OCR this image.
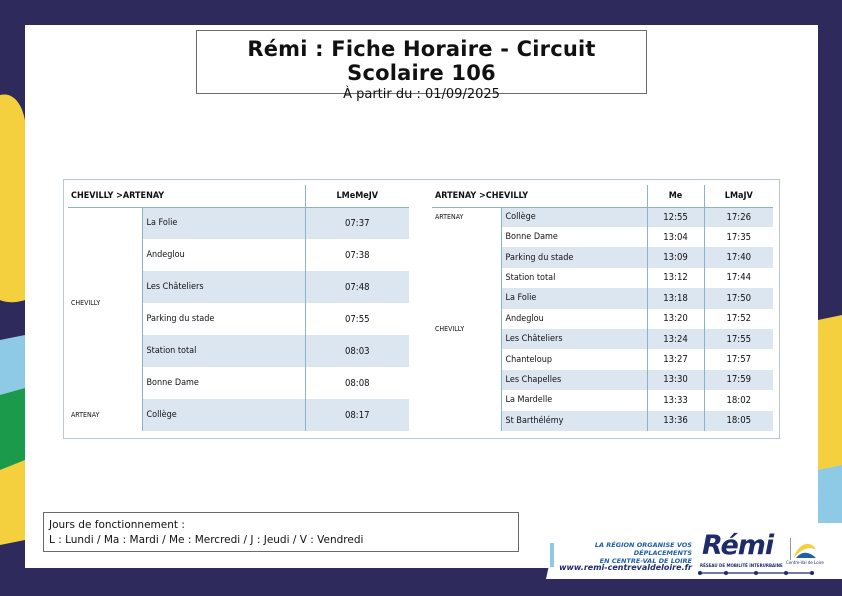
Rémi : Fiche Horaire - Circuit Scolaire 106
À partir du : 01/09/2025
CHEVILLY >ARTENAY		LMeMeJV
CHEVILLY	La Folie	07:37
	Andeglou	07:38
	Les Châteliers	07:48
	Parking du stade	07:55
	Station total	08:03
	Bonne Dame	08:08
ARTENAY	Collège	08:17
ARTENAY >CHEVILLY		Me	LMaJV
ARTENAY	Collège	12:55	17:26
CHEVILLY	Bonne Dame	13:04	17:35
	Parking du stade	13:09	17:40
	Station total	13:12	17:44
	La Folie	13:18	17:50
	Andeglou	13:20	17:52
	Les Châteliers	13:24	17:55
	Chanteloup	13:27	17:57
	Les Chapelles	13:30	17:59
	La Mardelle	13:33	18:02
	St Barthélémy	13:36	18:05
Jours de fonctionnement :
L : Lundi / Ma : Mardi / Me : Mercredi / J : Jeudi / V : Vendredi	LA RÉGION ORGANISE VOS DÉPLACEMENTS
EN CENTRE-VAL DE LOIRE
www.remi-centrevaldeloire.fr
Rémi
RÉSEAU DE MOBILITÉ INTERURBAINE
Centre-Val de Loire
